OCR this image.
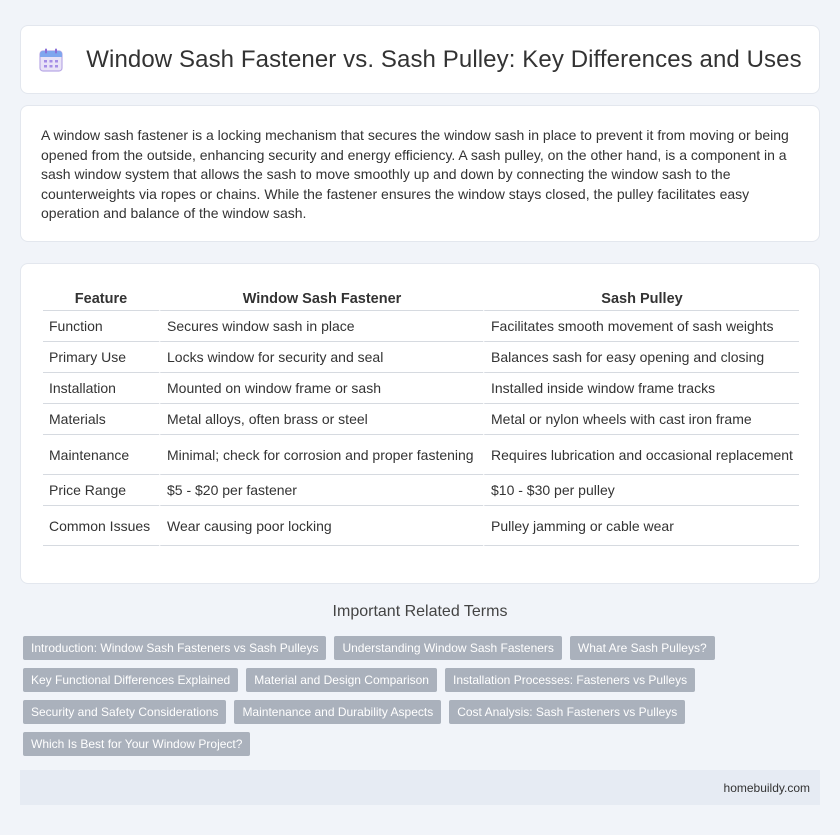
Window Sash Fastener vs. Sash Pulley: Key Differences and Uses

A window sash fastener is a locking mechanism that secures the window sash in place to prevent it from moving or being opened from the outside, enhancing security and energy efficiency. A sash pulley, on the other hand, is a component in a sash window system that allows the sash to move smoothly up and down by connecting the window sash to the counterweights via ropes or chains. While the fastener ensures the window stays closed, the pulley facilitates easy operation and balance of the window sash.

Feature	Window Sash Fastener	Sash Pulley
Function	Secures window sash in place	Facilitates smooth movement of sash weights
Primary Use	Locks window for security and seal	Balances sash for easy opening and closing
Installation	Mounted on window frame or sash	Installed inside window frame tracks
Materials	Metal alloys, often brass or steel	Metal or nylon wheels with cast iron frame
Maintenance	Minimal; check for corrosion and proper fastening	Requires lubrication and occasional replacement
Price Range	$5 - $20 per fastener	$10 - $30 per pulley
Common Issues	Wear causing poor locking	Pulley jamming or cable wear
Important Related Terms
Introduction: Window Sash Fasteners vs Sash Pulleys	Understanding Window Sash Fasteners	What Are Sash Pulleys?
Key Functional Differences Explained	Material and Design Comparison	Installation Processes: Fasteners vs Pulleys
Security and Safety Considerations	Maintenance and Durability Aspects	Cost Analysis: Sash Fasteners vs Pulleys
Which Is Best for Your Window Project?
homebuildy.com
